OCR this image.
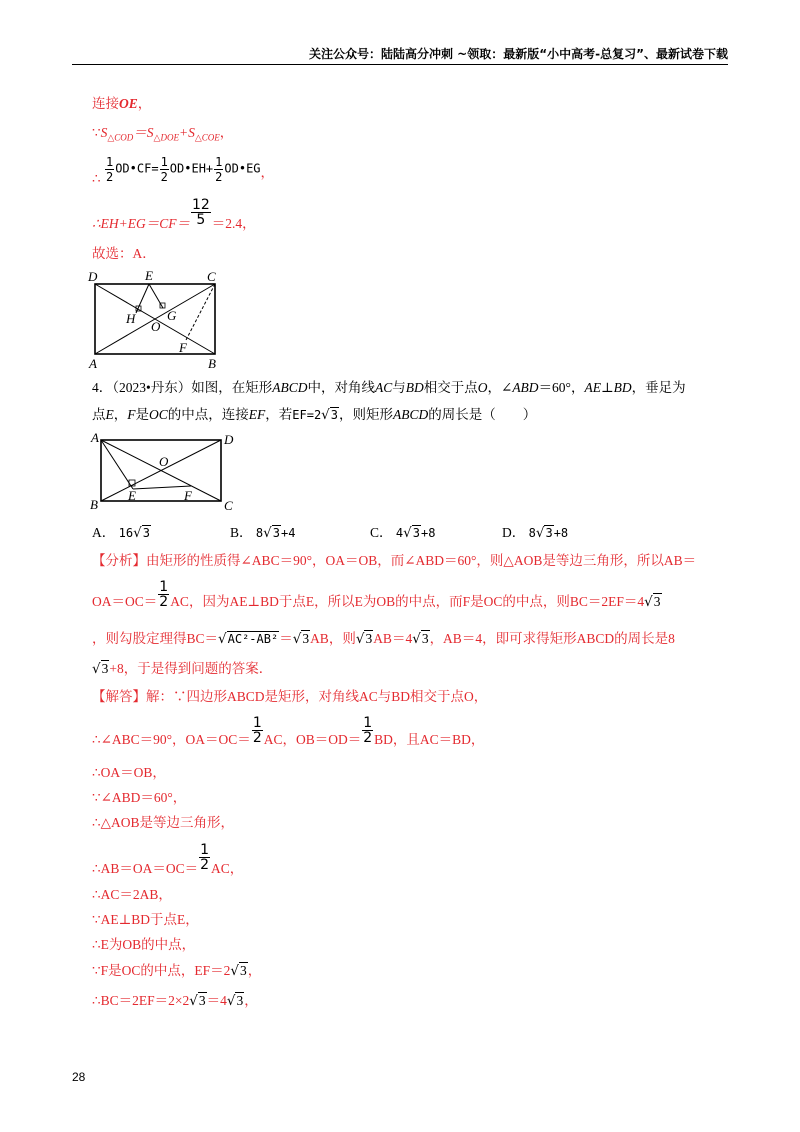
关注公众号：陆陆高分冲刺 ~领取：最新版“小中高考-总复习”、最新试卷下载
连接OE，
$\because S_{\triangle COD}=S_{\triangle DOE}+S_{\triangle COE}$，
∴ $\frac{1}{2}$ OD•CF= $\frac{1}{2}$ OD•EH+ $\frac{1}{2}$ OD•EG，
∴EH+EG＝CF＝ $\frac{12}{5} =2.4$，
故选：A．
D	E	C
H G
O
F
A	B
4．（2023•丹东）如图，在矩形ABCD中，对角线AC与BD相交于点O，∠ABD＝60°，AE⊥BD，垂足为
点E，F是OC的中点，连接EF，若EF=2√3，则矩形ABCD的周长是（　　）
A	D
O
B
E	F
C
A． 16√3	B． 8√3+4	C． 4√3+8	D． 8√3+8
【分析】由矩形的性质得∠ABC＝90°，OA＝OB，而∠ABD＝60°，则△AOB是等边三角形，所以AB＝
$OA=OC= \frac{1}{2}$ AC，因为AE⊥BD于点E，所以E为OB的中点，而F是OC的中点，则BC＝2EF＝4√3
，则勾股定理得BC＝√AC²-AB²＝√3AB，则√3AB＝4√3，AB＝4，即可求得矩形ABCD的周长是8
√3+8，于是得到问题的答案．
【解答】解：∵四边形ABCD是矩形，对角线AC与BD相交于点O，
∴∠ABC＝90°，$OA=OC= \frac{1}{2}$ AC，$OB=OD= \frac{1}{2}$ BD，且AC＝BD，
∴OA＝OB，
∵∠ABD＝60°，
∴△AOB是等边三角形，
∴AB＝OA＝OC＝ $\frac{1}{2}$ AC，
∴AC＝2AB，
∵AE⊥BD于点E，
∴E为OB的中点，
∵F是OC的中点，EF＝2√3，
∴BC＝2EF＝2×2√3＝4√3，
28
